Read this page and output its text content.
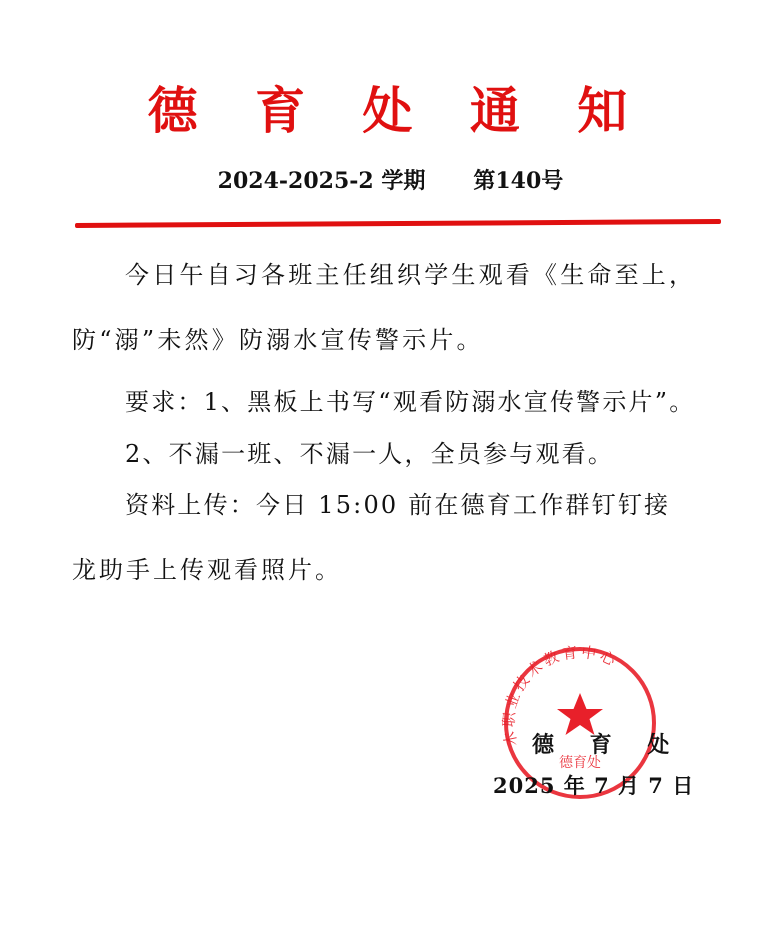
德 育 处 通 知
2024-2025-2 学期 第140号
今日午自习各班主任组织学生观看《生命至上，
防“溺”未然》防溺水宣传警示片。
要求：1、黑板上书写“观看防溺水宣传警示片”。
2、不漏一班、不漏一人，全员参与观看。
资料上传：今日 15:00 前在德育工作群钉钉接
龙助手上传观看照片。
木职业技术教育中心
德育处
德 育 处
2025 年 7 月 7 日
